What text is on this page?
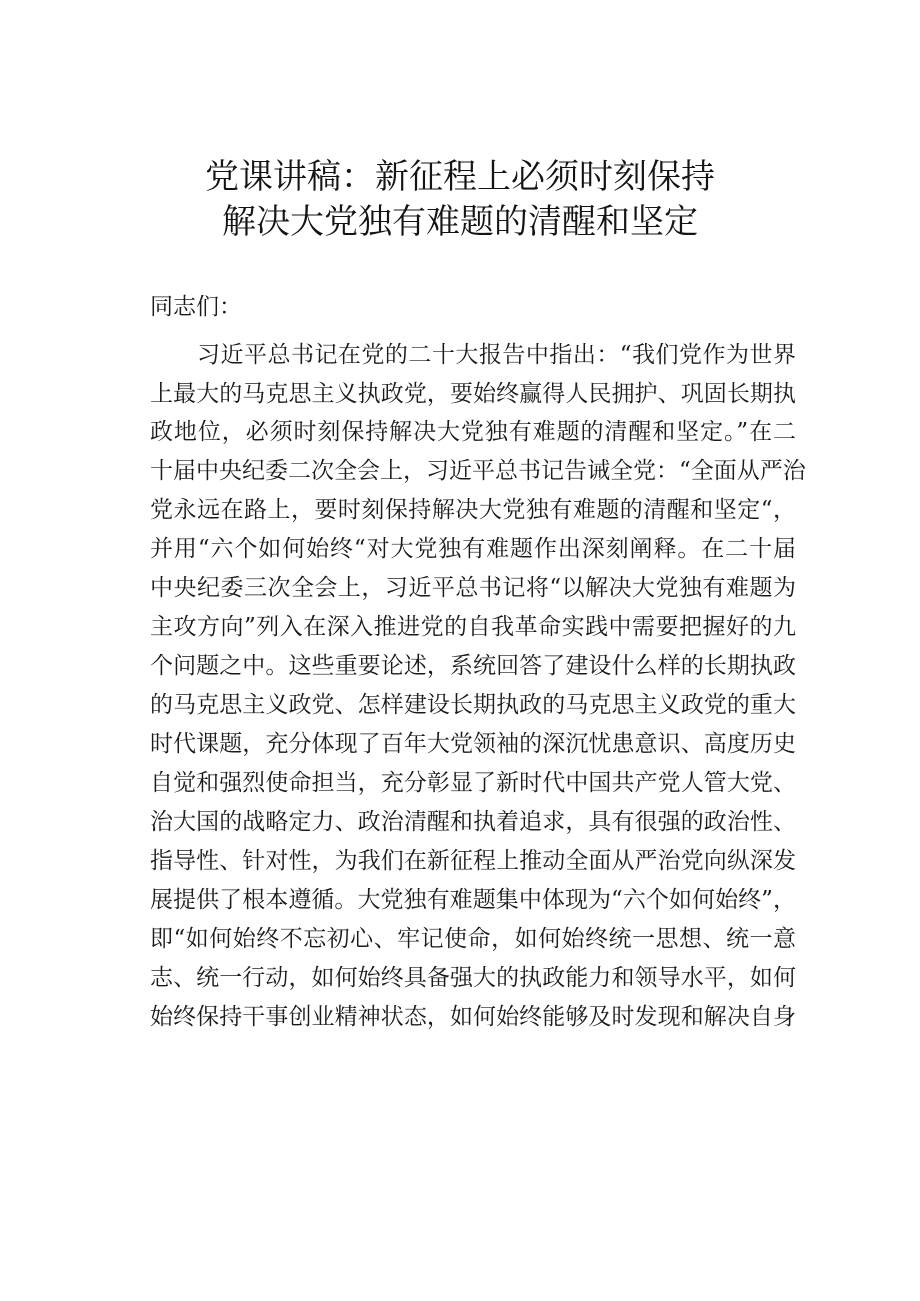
党课讲稿：新征程上必须时刻保持
解决大党独有难题的清醒和坚定
同志们：
习近平总书记在党的二十大报告中指出：“我们党作为世界
上最大的马克思主义执政党，要始终赢得人民拥护、巩固长期执
政地位，必须时刻保持解决大党独有难题的清醒和坚定。”在二
十届中央纪委二次全会上，习近平总书记告诫全党：“全面从严治
党永远在路上，要时刻保持解决大党独有难题的清醒和坚定“，
并用“六个如何始终“对大党独有难题作出深刻阐释。在二十届
中央纪委三次全会上，习近平总书记将“以解决大党独有难题为
主攻方向”列入在深入推进党的自我革命实践中需要把握好的九
个问题之中。这些重要论述，系统回答了建设什么样的长期执政
的马克思主义政党、怎样建设长期执政的马克思主义政党的重大
时代课题，充分体现了百年大党领袖的深沉忧患意识、高度历史
自觉和强烈使命担当，充分彰显了新时代中国共产党人管大党、
治大国的战略定力、政治清醒和执着追求，具有很强的政治性、
指导性、针对性，为我们在新征程上推动全面从严治党向纵深发
展提供了根本遵循。大党独有难题集中体现为“六个如何始终”，
即“如何始终不忘初心、牢记使命，如何始终统一思想、统一意
志、统一行动，如何始终具备强大的执政能力和领导水平，如何
始终保持干事创业精神状态，如何始终能够及时发现和解决自身
